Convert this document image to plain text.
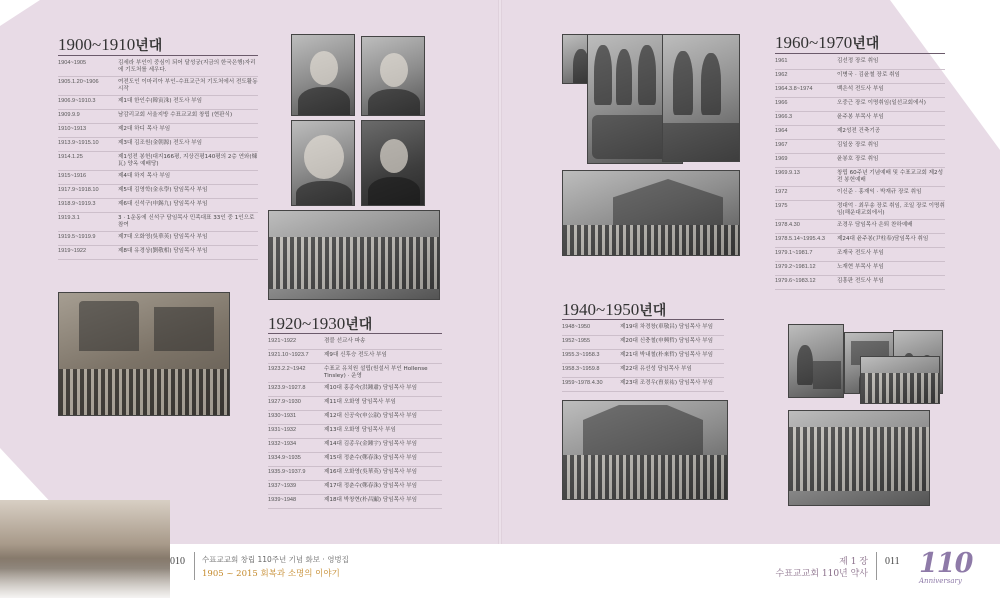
1900~1910년대
1904~1905	김세라 부인이 중심이 되어 달성궁(지금의 한국은행)자리에 기도처를 세우다.
1905.1.20~1906	여전도인 이마리아 부인–수표교근처 기도처에서 전도활동 시작
1906.9~1910.3	제1대 한인수(韓寅洙) 전도사 부임
1909.9.9	남감리교회 서울지방 수표교교회 창립 (현판식)
1910~1913	제2대 하디 목사 부임
1913.9~1915.10	제3대 김조원(金朝源) 전도사 부임
1914.1.25	제1성전 봉헌(대지166평, 지상건평140평의 2층 연와(煉瓦) 양옥 예배당)
1915~1916	제4대 하지 목사 부임
1917.9~1918.10	제5대 김영학(金永學) 담임목사 부임
1918.9~1919.3	제6대 신석구(申錫九) 담임목사 부임
1919.3.1	3 · 1운동에 신석구 담임목사 민족대표 33인 중 1인으로 참여
1919.5~1919.9	제7대 오화영(吳華英) 담임목사 부임
1919~1922	제8대 유경상(劉敬相) 담임목사 부임
1920~1930년대
1921~1922	겸블 선교사 파송
1921.10~1923.7	제9대 신후승 전도사 부임
1923.2.2~1942	수표교 유치원 설립(원설서 부인 Hollense Tinsley) · 운영
1923.9~1927.8	제10대 홍종숙(洪鍾肅) 담임목사 부임
1927.9~1930	제11대 오화영 담임목사 부임
1930~1931	제12대 신공숙(申公淑) 담임목사 부임
1931~1932	제13대 오화영 담임목사 부임
1932~1934	제14대 김종우(金鍾宇) 담임목사 부임
1934.9~1935	제15대 정춘수(鄭春洙) 담임목사 부임
1935.9~1937.9	제16대 오화영(吳華英) 담임목사 부임
1937~1939	제17대 정춘수(鄭春洙) 담임목사 부임
1939~1948	제18대 박창현(朴昌顯) 담임목사 부임
1940~1950년대
1948~1950	제19대 차경창(車敬昌) 담임목사 부임
1952~1955	제20대 신충철(申興哲) 담임목사 부임
1955.3~1958.3	제21대 박내철(朴來哲) 담임목사 부임
1958.3~1959.8	제22대 유선성 담임목사 부임
1959~1978.4.30	제23대 조경우(曺景祐) 담임목사 부임
1960~1970년대
1961	김선정 장로 취임
1962	이병국 · 김윤철 장로 취임
1964.3.8~1974	백은석 전도사 부임
1966	오중근 장로 이명취임(일선교회에서)
1966.3	윤주봉 부목사 부임
1964	제2성전 건축기공
1967	김일웅 장로 취임
1969	윤봉호 장로 취임
1969.9.13	창립 60주년 기념예배 및 수표교교회 제2성전 봉헌예배
1972	이신준 · 홍재익 · 박재규 장로 취임
1975	정대억 · 최무송 장로 취임, 조일 장로 이명취임(해운대교회에서)
1978.4.30	조경우 담임목사 은퇴 찬하예배
1978.5.14~1995.4.3	제24대 윤주봉(尹柱奉)담임목사 취임
1979.1~1981.7	조재국 전도사 부임
1979.2~1981.12	노재현 부목사 부임
1979.6~1983.12	김흥판 전도사 부임
010 수표교교회 창립 110주년 기념 화보 · 영벙집
1905 ~ 2015 회복과 소명의 이야기
제 1 장
수표교교회 110년 약사
011 110
Anniversary
